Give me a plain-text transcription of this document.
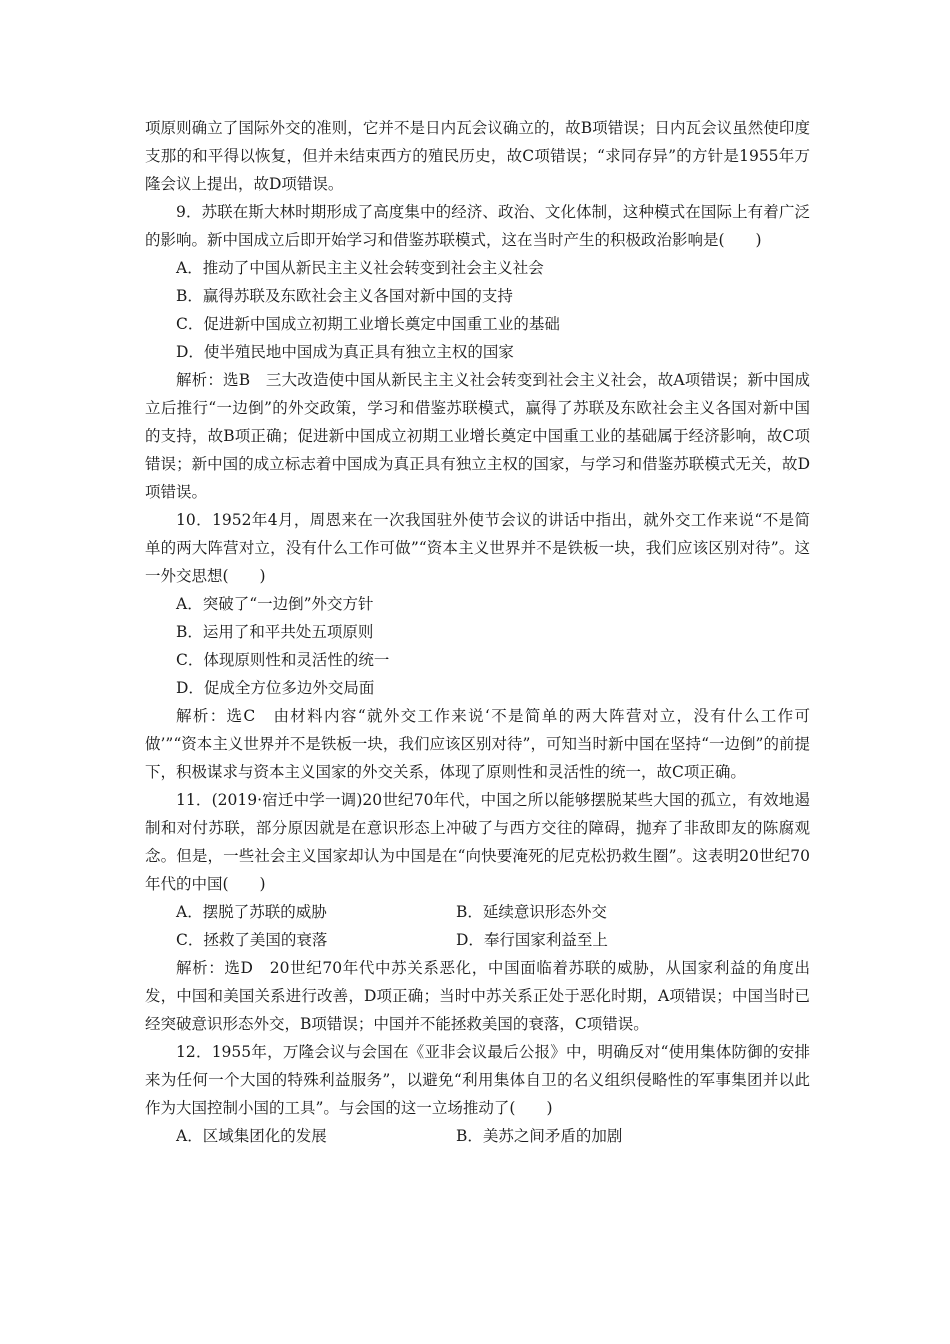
项原则确立了国际外交的准则，它并不是日内瓦会议确立的，故B项错误；日内瓦会议虽然使印度支那的和平得以恢复，但并未结束西方的殖民历史，故C项错误；“求同存异”的方针是1955年万隆会议上提出，故D项错误。

9．苏联在斯大林时期形成了高度集中的经济、政治、文化体制，这种模式在国际上有着广泛的影响。新中国成立后即开始学习和借鉴苏联模式，这在当时产生的积极政治影响是(　　)

A．推动了中国从新民主主义社会转变到社会主义社会

B．赢得苏联及东欧社会主义各国对新中国的支持

C．促进新中国成立初期工业增长奠定中国重工业的基础

D．使半殖民地中国成为真正具有独立主权的国家

解析：选B　三大改造使中国从新民主主义社会转变到社会主义社会，故A项错误；新中国成立后推行“一边倒”的外交政策，学习和借鉴苏联模式，赢得了苏联及东欧社会主义各国对新中国的支持，故B项正确；促进新中国成立初期工业增长奠定中国重工业的基础属于经济影响，故C项错误；新中国的成立标志着中国成为真正具有独立主权的国家，与学习和借鉴苏联模式无关，故D项错误。

10．1952年4月，周恩来在一次我国驻外使节会议的讲话中指出，就外交工作来说“不是简单的两大阵营对立，没有什么工作可做”“资本主义世界并不是铁板一块，我们应该区别对待”。这一外交思想(　　)

A．突破了“一边倒”外交方针

B．运用了和平共处五项原则

C．体现原则性和灵活性的统一

D．促成全方位多边外交局面

解析：选C　由材料内容“就外交工作来说‘不是简单的两大阵营对立，没有什么工作可做’”“资本主义世界并不是铁板一块，我们应该区别对待”，可知当时新中国在坚持“一边倒”的前提下，积极谋求与资本主义国家的外交关系，体现了原则性和灵活性的统一，故C项正确。

11．(2019·宿迁中学一调)20世纪70年代，中国之所以能够摆脱某些大国的孤立，有效地遏制和对付苏联，部分原因就是在意识形态上冲破了与西方交往的障碍，抛弃了非敌即友的陈腐观念。但是，一些社会主义国家却认为中国是在“向快要淹死的尼克松扔救生圈”。这表明20世纪70年代的中国(　　)

A．摆脱了苏联的威胁	B．延续意识形态外交
C．拯救了美国的衰落	D．奉行国家利益至上

解析：选D　20世纪70年代中苏关系恶化，中国面临着苏联的威胁，从国家利益的角度出发，中国和美国关系进行改善，D项正确；当时中苏关系正处于恶化时期，A项错误；中国当时已经突破意识形态外交，B项错误；中国并不能拯救美国的衰落，C项错误。

12．1955年，万隆会议与会国在《亚非会议最后公报》中，明确反对“使用集体防御的安排来为任何一个大国的特殊利益服务”，以避免“利用集体自卫的名义组织侵略性的军事集团并以此作为大国控制小国的工具”。与会国的这一立场推动了(　　)

A．区域集团化的发展	B．美苏之间矛盾的加剧
